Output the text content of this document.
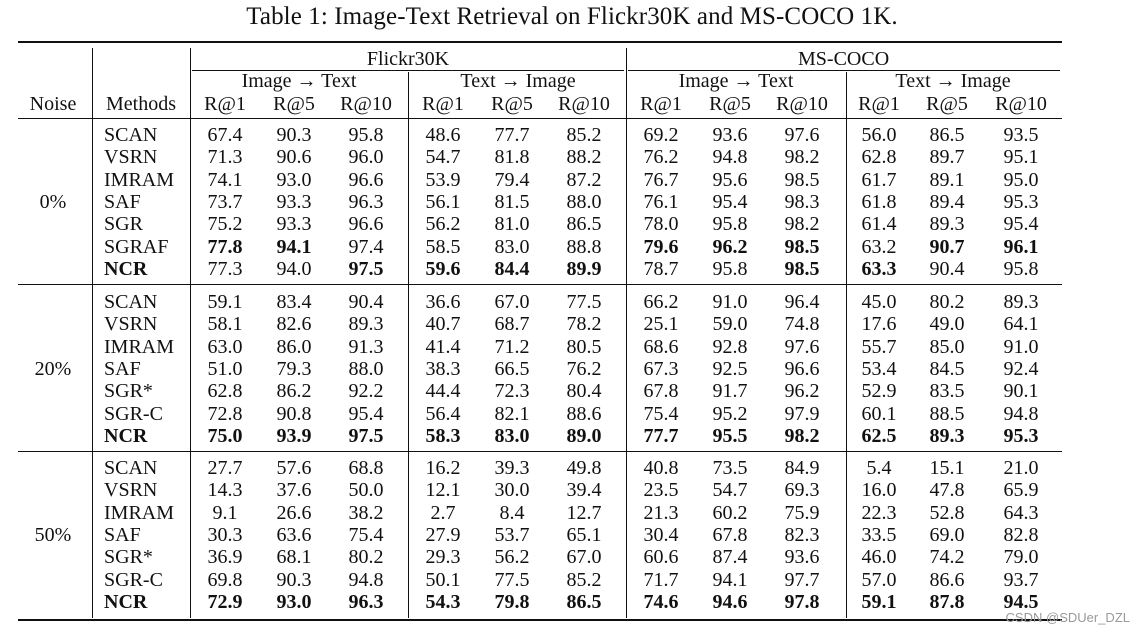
Table 1: Image-Text Retrieval on Flickr30K and MS-COCO 1K.
Flickr30K	MS-COCO
Image → Text	Text → Image	Image → Text	Text → Image
Noise	Methods	R@1	R@5	R@10	R@1	R@5	R@10	R@1	R@5	R@10	R@1	R@5	R@10
0%
SCAN	67.4	90.3	95.8	48.6	77.7	85.2	69.2	93.6	97.6	56.0	86.5	93.5
VSRN	71.3	90.6	96.0	54.7	81.8	88.2	76.2	94.8	98.2	62.8	89.7	95.1
IMRAM	74.1	93.0	96.6	53.9	79.4	87.2	76.7	95.6	98.5	61.7	89.1	95.0
SAF	73.7	93.3	96.3	56.1	81.5	88.0	76.1	95.4	98.3	61.8	89.4	95.3
SGR	75.2	93.3	96.6	56.2	81.0	86.5	78.0	95.8	98.2	61.4	89.3	95.4
SGRAF	77.8	94.1	97.4	58.5	83.0	88.8	79.6	96.2	98.5	63.2	90.7	96.1
NCR	77.3	94.0	97.5	59.6	84.4	89.9	78.7	95.8	98.5	63.3	90.4	95.8
20%
SCAN	59.1	83.4	90.4	36.6	67.0	77.5	66.2	91.0	96.4	45.0	80.2	89.3
VSRN	58.1	82.6	89.3	40.7	68.7	78.2	25.1	59.0	74.8	17.6	49.0	64.1
IMRAM	63.0	86.0	91.3	41.4	71.2	80.5	68.6	92.8	97.6	55.7	85.0	91.0
SAF	51.0	79.3	88.0	38.3	66.5	76.2	67.3	92.5	96.6	53.4	84.5	92.4
SGR*	62.8	86.2	92.2	44.4	72.3	80.4	67.8	91.7	96.2	52.9	83.5	90.1
SGR-C	72.8	90.8	95.4	56.4	82.1	88.6	75.4	95.2	97.9	60.1	88.5	94.8
NCR	75.0	93.9	97.5	58.3	83.0	89.0	77.7	95.5	98.2	62.5	89.3	95.3
50%
SCAN	27.7	57.6	68.8	16.2	39.3	49.8	40.8	73.5	84.9	5.4	15.1	21.0
VSRN	14.3	37.6	50.0	12.1	30.0	39.4	23.5	54.7	69.3	16.0	47.8	65.9
IMRAM	9.1	26.6	38.2	2.7	8.4	12.7	21.3	60.2	75.9	22.3	52.8	64.3
SAF	30.3	63.6	75.4	27.9	53.7	65.1	30.4	67.8	82.3	33.5	69.0	82.8
SGR*	36.9	68.1	80.2	29.3	56.2	67.0	60.6	87.4	93.6	46.0	74.2	79.0
SGR-C	69.8	90.3	94.8	50.1	77.5	85.2	71.7	94.1	97.7	57.0	86.6	93.7
NCR	72.9	93.0	96.3	54.3	79.8	86.5	74.6	94.6	97.8	59.1	87.8	94.5
CSDN @SDUer_DZL
